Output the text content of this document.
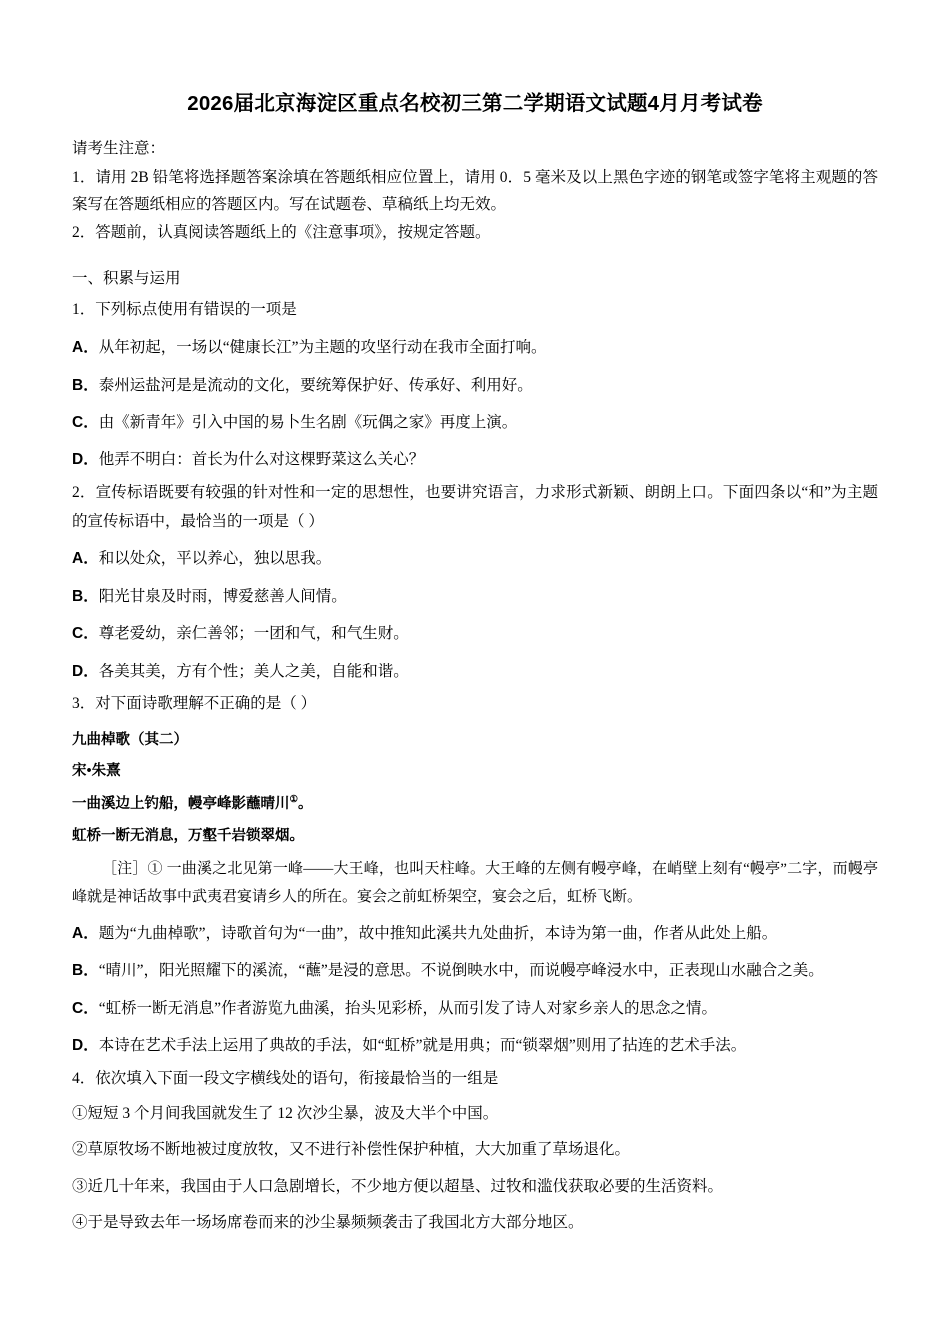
2026届北京海淀区重点名校初三第二学期语文试题4月月考试卷

请考生注意：

1．请用 2B 铅笔将选择题答案涂填在答题纸相应位置上，请用 0．5 毫米及以上黑色字迹的钢笔或签字笔将主观题的答案写在答题纸相应的答题区内。写在试题卷、草稿纸上均无效。

2．答题前，认真阅读答题纸上的《注意事项》，按规定答题。

一、积累与运用

1．下列标点使用有错误的一项是

A．从年初起，一场以“健康长江”为主题的攻坚行动在我市全面打响。

B．泰州运盐河是是流动的文化，要统筹保护好、传承好、利用好。

C．由《新青年》引入中国的易卜生名剧《玩偶之家》再度上演。

D．他弄不明白：首长为什么对这棵野菜这么关心？

2．宣传标语既要有较强的针对性和一定的思想性，也要讲究语言，力求形式新颖、朗朗上口。下面四条以“和”为主题的宣传标语中，最恰当的一项是（ ）

A．和以处众，平以养心，独以思我。

B．阳光甘泉及时雨，博爱慈善人间情。

C．尊老爱幼，亲仁善邻；一团和气，和气生财。

D．各美其美，方有个性；美人之美，自能和谐。

3．对下面诗歌理解不正确的是（ ）

九曲棹歌（其二）

宋•朱熹

一曲溪边上钓船，幔亭峰影蘸晴川①。

虹桥一断无消息，万壑千岩锁翠烟。

［注］① 一曲溪之北见第一峰——大王峰，也叫天柱峰。大王峰的左侧有幔亭峰，在峭壁上刻有“幔亭”二字，而幔亭峰就是神话故事中武夷君宴请乡人的所在。宴会之前虹桥架空，宴会之后，虹桥飞断。

A．题为“九曲棹歌”，诗歌首句为“一曲”，故中推知此溪共九处曲折，本诗为第一曲，作者从此处上船。

B．“晴川”，阳光照耀下的溪流，“蘸”是浸的意思。不说倒映水中，而说幔亭峰浸水中，正表现山水融合之美。

C．“虹桥一断无消息”作者游览九曲溪，抬头见彩桥，从而引发了诗人对家乡亲人的思念之情。

D．本诗在艺术手法上运用了典故的手法，如“虹桥”就是用典；而“锁翠烟”则用了拈连的艺术手法。

4．依次填入下面一段文字横线处的语句，衔接最恰当的一组是

①短短 3 个月间我国就发生了 12 次沙尘暴，波及大半个中国。

②草原牧场不断地被过度放牧，又不进行补偿性保护种植，大大加重了草场退化。

③近几十年来，我国由于人口急剧增长，不少地方便以超垦、过牧和滥伐获取必要的生活资料。

④于是导致去年一场场席卷而来的沙尘暴频频袭击了我国北方大部分地区。
